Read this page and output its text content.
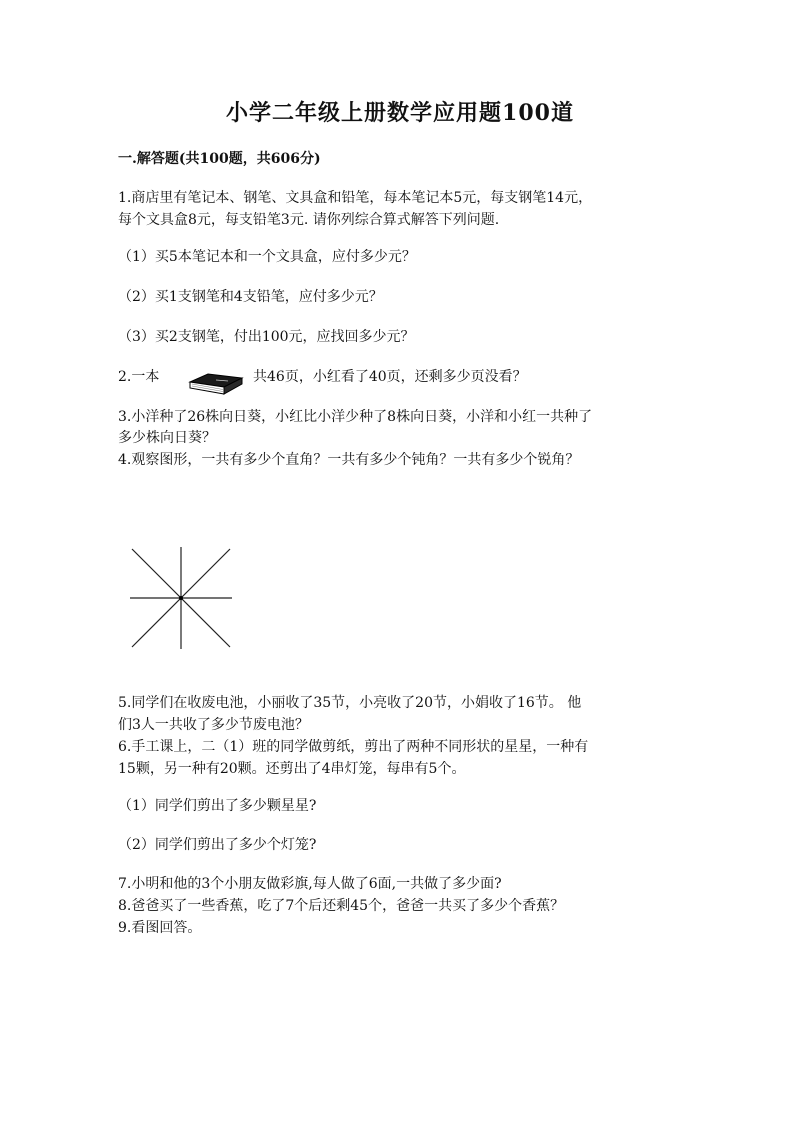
小学二年级上册数学应用题100道
一.解答题(共100题，共606分)
1.商店里有笔记本、钢笔、文具盒和铅笔，每本笔记本5元，每支钢笔14元，
每个文具盒8元，每支铅笔3元. 请你列综合算式解答下列问题.
（1）买5本笔记本和一个文具盒，应付多少元？
（2）买1支钢笔和4支铅笔，应付多少元？
（3）买2支钢笔，付出100元，应找回多少元？
2.一本	共46页，小红看了40页，还剩多少页没看？
3.小洋种了26株向日葵，小红比小洋少种了8株向日葵，小洋和小红一共种了
多少株向日葵？
4.观察图形，一共有多少个直角？一共有多少个钝角？一共有多少个锐角？
5.同学们在收废电池，小丽收了35节，小亮收了20节，小娟收了16节。 他
们3人一共收了多少节废电池？
6.手工课上，二（1）班的同学做剪纸，剪出了两种不同形状的星星，一种有
15颗，另一种有20颗。还剪出了4串灯笼，每串有5个。
（1）同学们剪出了多少颗星星?
（2）同学们剪出了多少个灯笼?
7.小明和他的3个小朋友做彩旗,每人做了6面,一共做了多少面?
8.爸爸买了一些香蕉，吃了7个后还剩45个，爸爸一共买了多少个香蕉？
9.看图回答。
